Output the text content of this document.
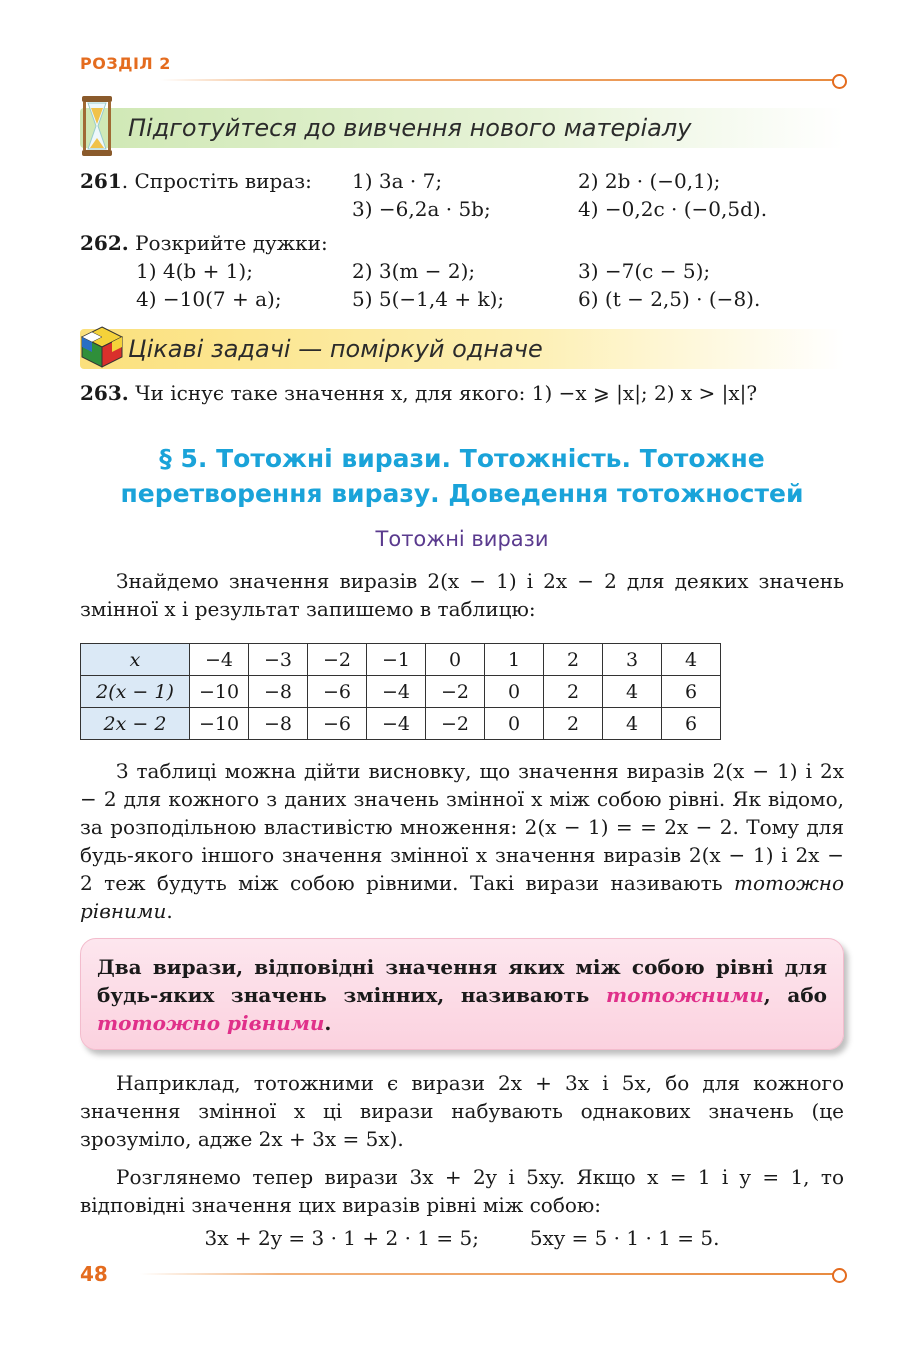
РОЗДІЛ 2
Підготуйтеся до вивчення нового матеріалу
261. Спростіть вираз: 1) 3a · 7;	2) 2b · (−0,1);
3) −6,2a · 5b;	4) −0,2c · (−0,5d).
262. Розкрийте дужки:
1) 4(b + 1);	2) 3(m − 2);	3) −7(c − 5);
4) −10(7 + a);	5) 5(−1,4 + k);	6) (t − 2,5) · (−8).
Цікаві задачі — поміркуй одначе
263. Чи існує таке значення x, для якого: 1) −x ⩾ |x|; 2) x > |x|?
§ 5. Тотожні вирази. Тотожність. Тотожне
перетворення виразу. Доведення тотожностей
Тотожні вирази
Знайдемо значення виразів 2(x − 1) і 2x − 2 для деяких значень змінної x і результат запишемо в таблицю:
x	−4	−3	−2	−1	0	1	2	3	4
2(x − 1)	−10	−8	−6	−4	−2	0	2	4	6
2x − 2	−10	−8	−6	−4	−2	0	2	4	6
З таблиці можна дійти висновку, що значення виразів 2(x − 1) і 2x − 2 для кожного з даних значень змінної x між собою рівні. Як відомо, за розподільною властивістю множення: 2(x − 1) = = 2x − 2. Тому для будь-якого іншого значення змінної x значення виразів 2(x − 1) і 2x − 2 теж будуть між собою рівними. Такі вирази називають тотожно рівними.
Два вирази, відповідні значення яких між собою рівні для будь-яких значень змінних, називають тотожними, або тотожно рівними.
Наприклад, тотожними є вирази 2x + 3x і 5x, бо для кожного значення змінної x ці вирази набувають однакових значень (це зрозуміло, адже 2x + 3x = 5x).
Розглянемо тепер вирази 3x + 2y і 5xy. Якщо x = 1 і y = 1, то відповідні значення цих виразів рівні між собою:
3x + 2y = 3 · 1 + 2 · 1 = 5;        5xy = 5 · 1 · 1 = 5.
48
